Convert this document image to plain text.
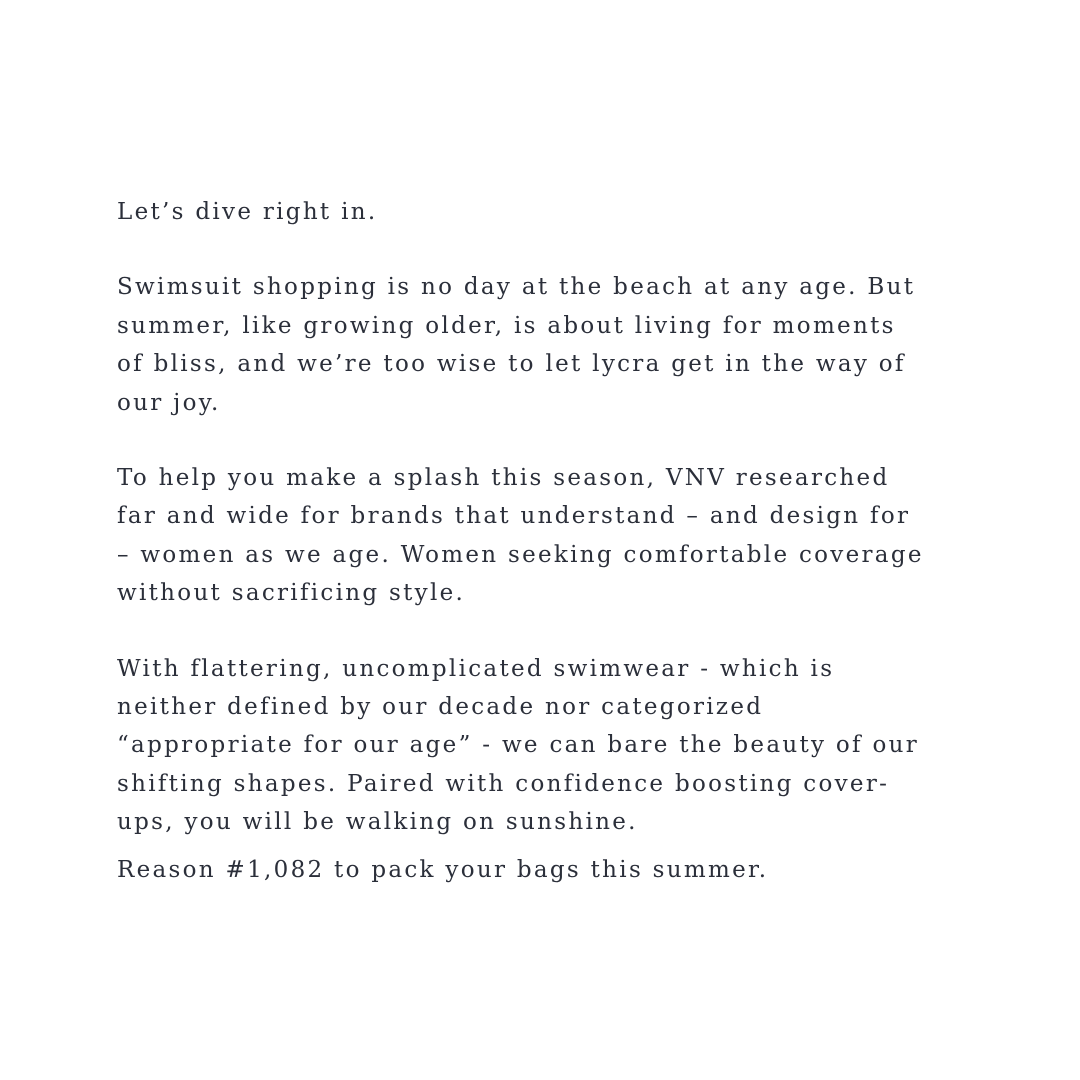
Let’s dive right in.

Swimsuit shopping is no day at the beach at any age. But
summer, like growing older, is about living for moments
of bliss, and we’re too wise to let lycra get in the way of
our joy.

To help you make a splash this season, VNV researched
far and wide for brands that understand – and design for
– women as we age. Women seeking comfortable coverage
without sacrificing style.

With flattering, uncomplicated swimwear - which is
neither defined by our decade nor categorized
“appropriate for our age” - we can bare the beauty of our
shifting shapes. Paired with confidence boosting cover-
ups, you will be walking on sunshine.

Reason #1,082 to pack your bags this summer.
